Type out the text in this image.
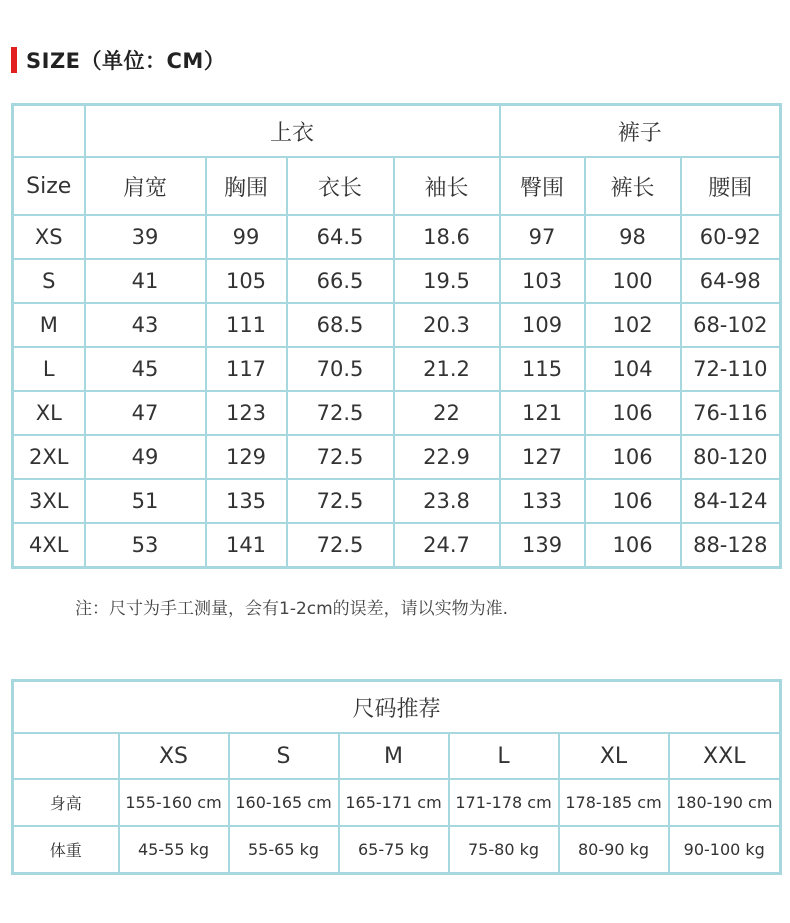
SIZE（单位：CM）
	上衣				裤子		
Size	肩宽	胸围	衣长	袖长	臀围	裤长	腰围
XS	39	99	64.5	18.6	97	98	60-92
S	41	105	66.5	19.5	103	100	64-98
M	43	111	68.5	20.3	109	102	68-102
L	45	117	70.5	21.2	115	104	72-110
XL	47	123	72.5	22	121	106	76-116
2XL	49	129	72.5	22.9	127	106	80-120
3XL	51	135	72.5	23.8	133	106	84-124
4XL	53	141	72.5	24.7	139	106	88-128
注：尺寸为手工测量，会有1-2cm的误差，请以实物为准.
尺码推荐						
	XS	S	M	L	XL	XXL
身高	155-160 cm	160-165 cm	165-171 cm	171-178 cm	178-185 cm	180-190 cm
体重	45-55 kg	55-65 kg	65-75 kg	75-80 kg	80-90 kg	90-100 kg
